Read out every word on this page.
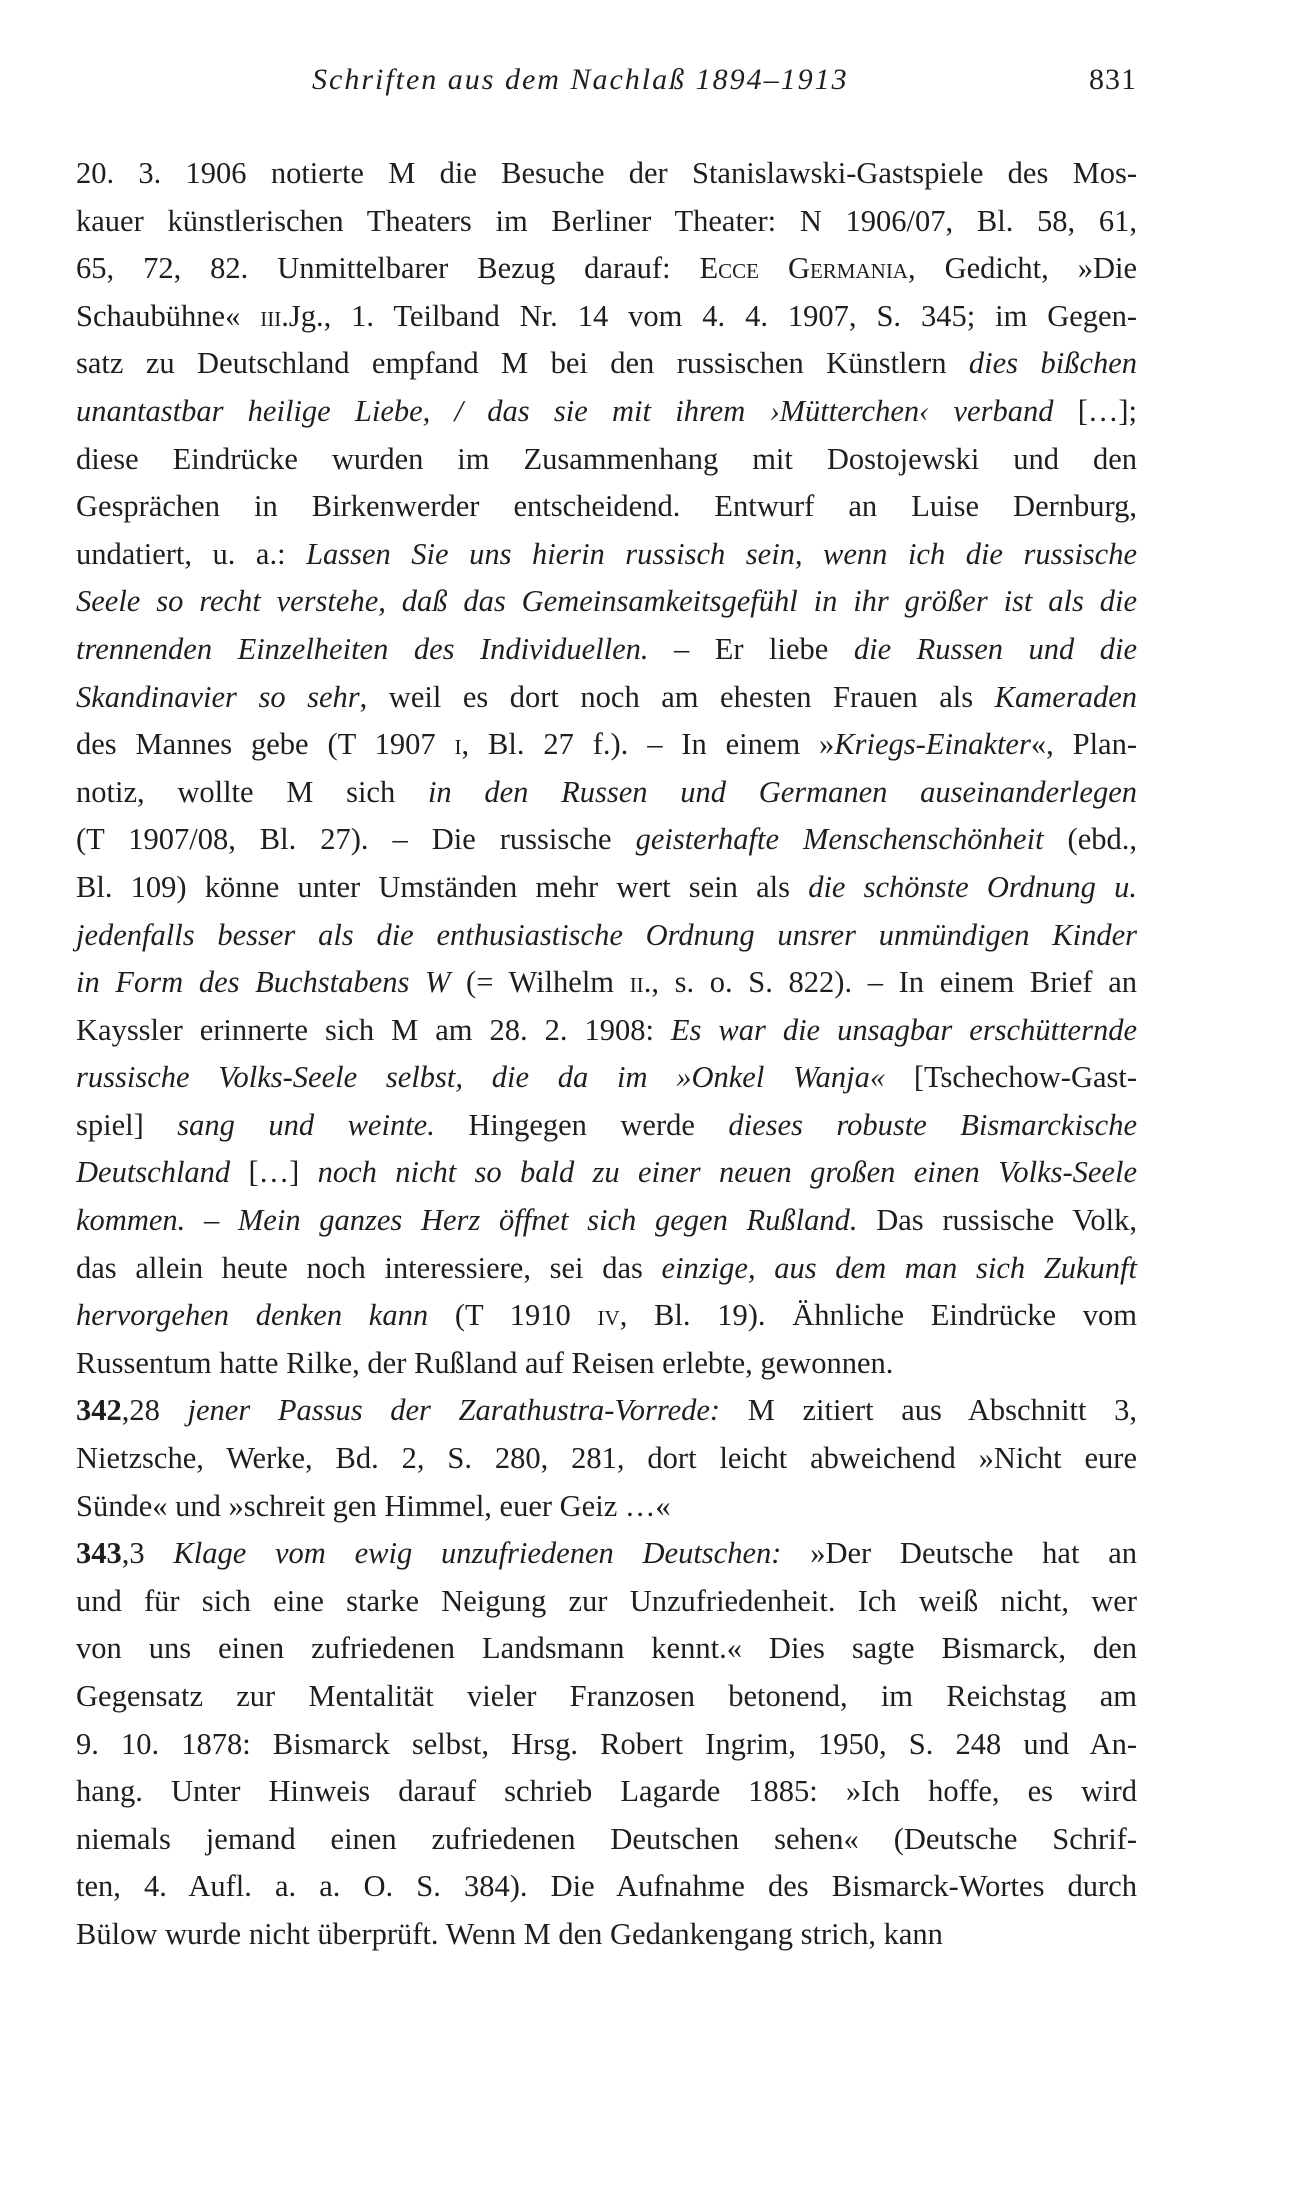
Schriften aus dem Nachlaß 1894–1913	831
20. 3. 1906 notierte M die Besuche der Stanislawski-Gastspiele des Mos-
kauer künstlerischen Theaters im Berliner Theater: N 1906/07, Bl. 58, 61,
65, 72, 82. Unmittelbarer Bezug darauf: Ecce Germania, Gedicht, »Die
Schaubühne« iii.Jg., 1. Teilband Nr. 14 vom 4. 4. 1907, S. 345; im Gegen-
satz zu Deutschland empfand M bei den russischen Künstlern dies bißchen
unantastbar heilige Liebe, / das sie mit ihrem ›Mütterchen‹ verband […];
diese Eindrücke wurden im Zusammenhang mit Dostojewski und den
Gesprächen in Birkenwerder entscheidend. Entwurf an Luise Dernburg,
undatiert, u. a.: Lassen Sie uns hierin russisch sein, wenn ich die russische
Seele so recht verstehe, daß das Gemeinsamkeitsgefühl in ihr größer ist als die
trennenden Einzelheiten des Individuellen. – Er liebe die Russen und die
Skandinavier so sehr, weil es dort noch am ehesten Frauen als Kameraden
des Mannes gebe (T 1907 i, Bl. 27 f.). – In einem »Kriegs-Einakter«, Plan-
notiz, wollte M sich in den Russen und Germanen auseinanderlegen
(T 1907/08, Bl. 27). – Die russische geisterhafte Menschenschönheit (ebd.,
Bl. 109) könne unter Umständen mehr wert sein als die schönste Ordnung u.
jedenfalls besser als die enthusiastische Ordnung unsrer unmündigen Kinder
in Form des Buchstabens W (= Wilhelm ii., s. o. S. 822). – In einem Brief an
Kayssler erinnerte sich M am 28. 2. 1908: Es war die unsagbar erschütternde
russische Volks-Seele selbst, die da im »Onkel Wanja« [Tschechow-Gast-
spiel] sang und weinte. Hingegen werde dieses robuste Bismarckische
Deutschland […] noch nicht so bald zu einer neuen großen einen Volks-Seele
kommen. – Mein ganzes Herz öffnet sich gegen Rußland. Das russische Volk,
das allein heute noch interessiere, sei das einzige, aus dem man sich Zukunft
hervorgehen denken kann (T 1910 iv, Bl. 19). Ähnliche Eindrücke vom
Russentum hatte Rilke, der Rußland auf Reisen erlebte, gewonnen.
342,28 jener Passus der Zarathustra-Vorrede: M zitiert aus Abschnitt 3,
Nietzsche, Werke, Bd. 2, S. 280, 281, dort leicht abweichend »Nicht eure
Sünde« und »schreit gen Himmel, euer Geiz …«
343,3 Klage vom ewig unzufriedenen Deutschen: »Der Deutsche hat an
und für sich eine starke Neigung zur Unzufriedenheit. Ich weiß nicht, wer
von uns einen zufriedenen Landsmann kennt.« Dies sagte Bismarck, den
Gegensatz zur Mentalität vieler Franzosen betonend, im Reichstag am
9. 10. 1878: Bismarck selbst, Hrsg. Robert Ingrim, 1950, S. 248 und An-
hang. Unter Hinweis darauf schrieb Lagarde 1885: »Ich hoffe, es wird
niemals jemand einen zufriedenen Deutschen sehen« (Deutsche Schrif-
ten, 4. Aufl. a. a. O. S. 384). Die Aufnahme des Bismarck-Wortes durch
Bülow wurde nicht überprüft. Wenn M den Gedankengang strich, kann
